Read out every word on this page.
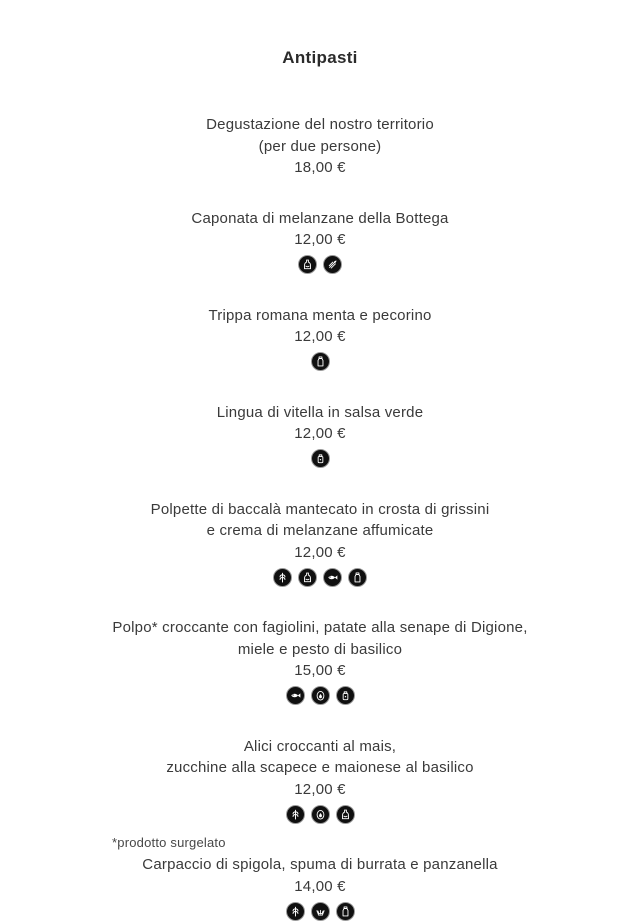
Antipasti
Degustazione del nostro territorio
(per due persone)
18,00 €
Caponata di melanzane della Bottega
12,00 €
Trippa romana menta e pecorino
12,00 €
Lingua di vitella in salsa verde
12,00 €
Polpette di baccalà mantecato in crosta di grissini
e crema di melanzane affumicate
12,00 €
Polpo* croccante con fagiolini, patate alla senape di Digione,
miele e pesto di basilico
15,00 €
Alici croccanti al mais,
zucchine alla scapece e maionese al basilico
12,00 €
Carpaccio di spigola, spuma di burrata e panzanella
14,00 €
*prodotto surgelato
